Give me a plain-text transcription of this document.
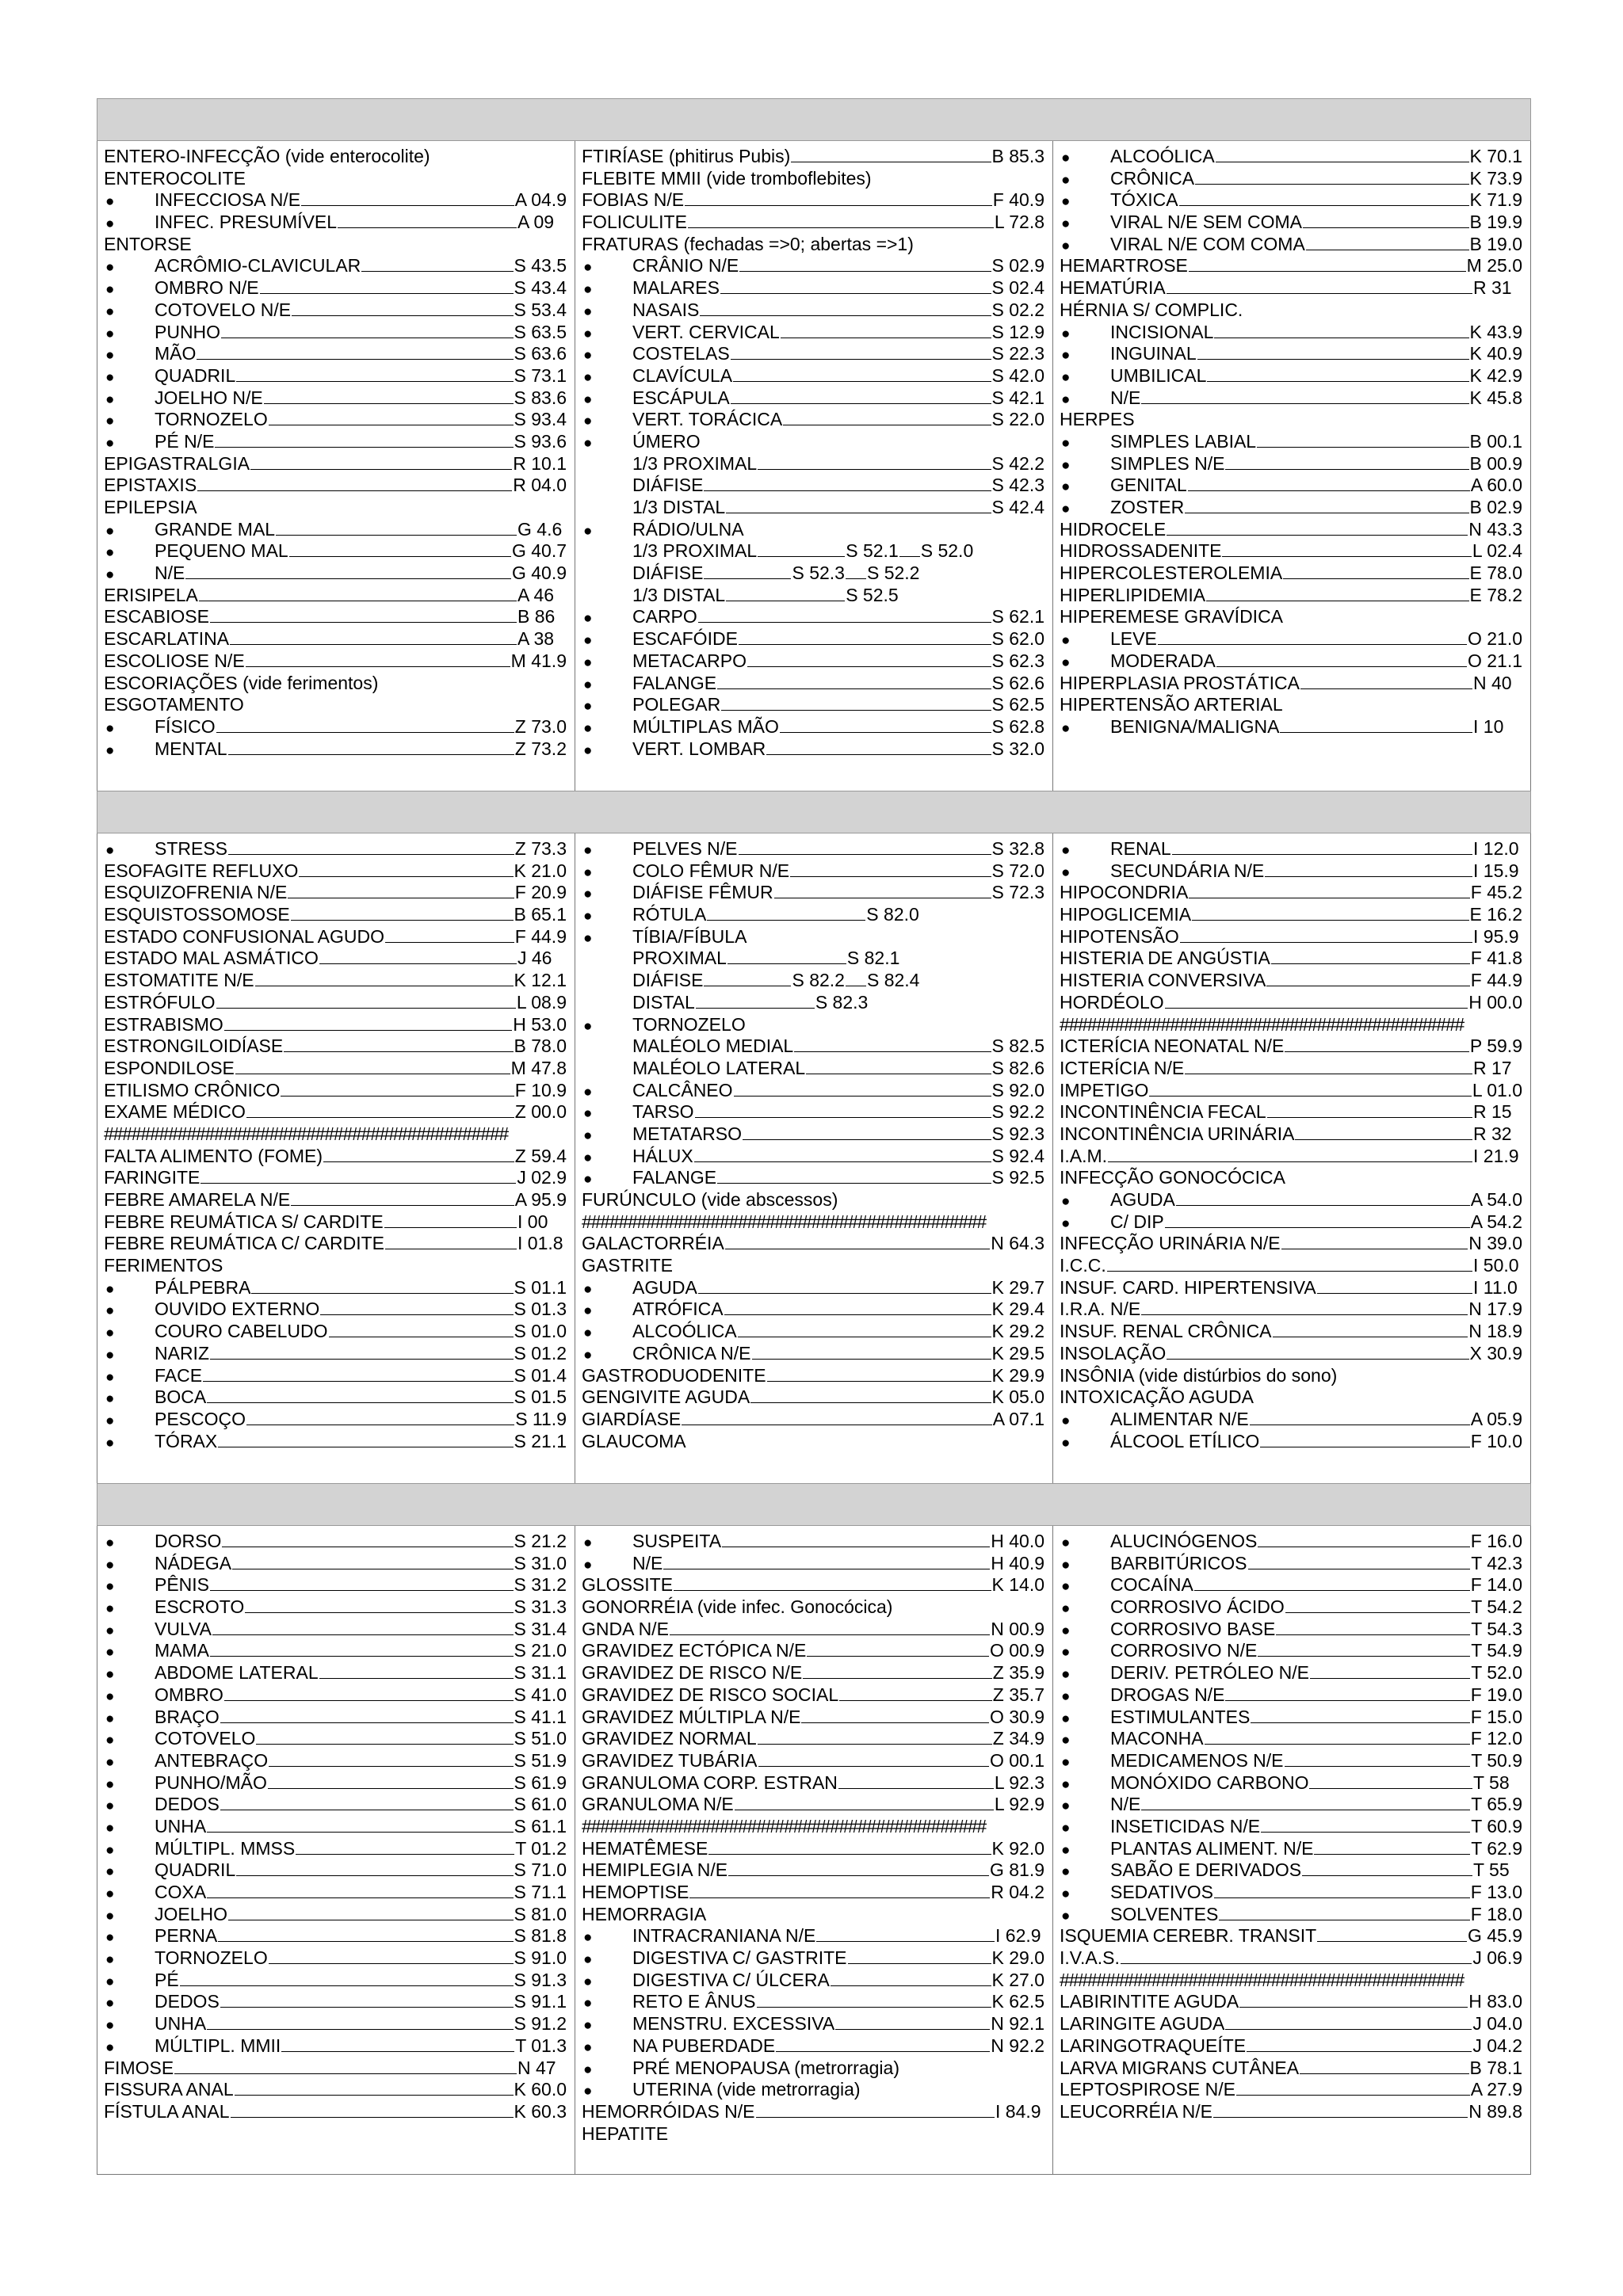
ENTERO-INFECÇÃO (vide enterocolite)
ENTEROCOLITE
●	INFECCIOSA N/E	A 04.9
●	INFEC. PRESUMÍVEL	A 09
ENTORSE
●	ACRÔMIO-CLAVICULAR	S 43.5
●	OMBRO N/E	S 43.4
●	COTOVELO N/E	S 53.4
●	PUNHO	S 63.5
●	MÃO	S 63.6
●	QUADRIL	S 73.1
●	JOELHO N/E	S 83.6
●	TORNOZELO	S 93.4
●	PÉ N/E	S 93.6
EPIGASTRALGIA	R 10.1
EPISTAXIS	R 04.0
EPILEPSIA
●	GRANDE MAL	G 4.6
●	PEQUENO MAL	G 40.7
●	N/E	G 40.9
ERISIPELA	A 46
ESCABIOSE	B 86
ESCARLATINA	A 38
ESCOLIOSE N/E	M 41.9
ESCORIAÇÕES (vide ferimentos)
ESGOTAMENTO
●	FÍSICO	Z 73.0
●	MENTAL	Z 73.2
FTIRÍASE (phitirus Pubis)	B 85.3
FLEBITE MMII (vide tromboflebites)
FOBIAS N/E	F 40.9
FOLICULITE	L 72.8
FRATURAS (fechadas =>0; abertas =>1)
●	CRÂNIO N/E	S 02.9
●	MALARES	S 02.4
●	NASAIS	S 02.2
●	VERT. CERVICAL	S 12.9
●	COSTELAS	S 22.3
●	CLAVÍCULA	S 42.0
●	ESCÁPULA	S 42.1
●	VERT. TORÁCICA	S 22.0
●	ÚMERO
1/3 PROXIMAL	S 42.2
DIÁFISE	S 42.3
1/3 DISTAL	S 42.4
●	RÁDIO/ULNA
1/3 PROXIMAL	S 52.1 S 52.0
DIÁFISE	S 52.3 S 52.2
1/3 DISTAL	S 52.5
●	CARPO	S 62.1
●	ESCAFÓIDE	S 62.0
●	METACARPO	S 62.3
●	FALANGE	S 62.6
●	POLEGAR	S 62.5
●	MÚLTIPLAS MÃO	S 62.8
●	VERT. LOMBAR	S 32.0
●	ALCOÓLICA	K 70.1
●	CRÔNICA	K 73.9
●	TÓXICA	K 71.9
●	VIRAL N/E SEM COMA	B 19.9
●	VIRAL N/E COM COMA	B 19.0
HEMARTROSE	M 25.0
HEMATÚRIA	R 31
HÉRNIA S/ COMPLIC.
●	INCISIONAL	K 43.9
●	INGUINAL	K 40.9
●	UMBILICAL	K 42.9
●	N/E	K 45.8
HERPES
●	SIMPLES LABIAL	B 00.1
●	SIMPLES N/E	B 00.9
●	GENITAL	A 60.0
●	ZOSTER	B 02.9
HIDROCELE	N 43.3
HIDROSSADENITE	L 02.4
HIPERCOLESTEROLEMIA	E 78.0
HIPERLIPIDEMIA	E 78.2
HIPEREMESE GRAVÍDICA
●	LEVE	O 21.0
●	MODERADA	O 21.1
HIPERPLASIA PROSTÁTICA	N 40
HIPERTENSÃO ARTERIAL
●	BENIGNA/MALIGNA	I 10
●	STRESS	Z 73.3
ESOFAGITE REFLUXO	K 21.0
ESQUIZOFRENIA N/E	F 20.9
ESQUISTOSSOMOSE	B 65.1
ESTADO CONFUSIONAL AGUDO	F 44.9
ESTADO MAL ASMÁTICO	J 46
ESTOMATITE N/E	K 12.1
ESTRÓFULO	L 08.9
ESTRABISMO	H 53.0
ESTRONGILOIDÍASE	B 78.0
ESPONDILOSE	M 47.8
ETILISMO CRÔNICO	F 10.9
EXAME MÉDICO	Z 00.0
############################################
FALTA ALIMENTO (FOME)	Z 59.4
FARINGITE	J 02.9
FEBRE AMARELA N/E	A 95.9
FEBRE REUMÁTICA S/ CARDITE	I 00
FEBRE REUMÁTICA C/ CARDITE	I 01.8
FERIMENTOS
●	PÁLPEBRA	S 01.1
●	OUVIDO EXTERNO	S 01.3
●	COURO CABELUDO	S 01.0
●	NARIZ	S 01.2
●	FACE	S 01.4
●	BOCA	S 01.5
●	PESCOÇO	S 11.9
●	TÓRAX	S 21.1
●	PELVES N/E	S 32.8
●	COLO FÊMUR N/E	S 72.0
●	DIÁFISE FÊMUR	S 72.3
●	RÓTULA	S 82.0
●	TÍBIA/FÍBULA
PROXIMAL	S 82.1
DIÁFISE	S 82.2 S 82.4
DISTAL	S 82.3
●	TORNOZELO
MALÉOLO MEDIAL	S 82.5
MALÉOLO LATERAL	S 82.6
●	CALCÂNEO	S 92.0
●	TARSO	S 92.2
●	METATARSO	S 92.3
●	HÁLUX	S 92.4
●	FALANGE	S 92.5
FURÚNCULO (vide abscessos)
############################################
GALACTORRÉIA	N 64.3
GASTRITE
●	AGUDA	K 29.7
●	ATRÓFICA	K 29.4
●	ALCOÓLICA	K 29.2
●	CRÔNICA N/E	K 29.5
GASTRODUODENITE	K 29.9
GENGIVITE AGUDA	K 05.0
GIARDÍASE	A 07.1
GLAUCOMA
●	RENAL	I 12.0
●	SECUNDÁRIA N/E	I 15.9
HIPOCONDRIA	F 45.2
HIPOGLICEMIA	E 16.2
HIPOTENSÃO	I 95.9
HISTERIA DE ANGÚSTIA	F 41.8
HISTERIA CONVERSIVA	F 44.9
HORDÉOLO	H 00.0
############################################
ICTERÍCIA NEONATAL N/E	P 59.9
ICTERÍCIA N/E	R 17
IMPETIGO	L 01.0
INCONTINÊNCIA FECAL	R 15
INCONTINÊNCIA URINÁRIA	R 32
I.A.M.	I 21.9
INFECÇÃO GONOCÓCICA
●	AGUDA	A 54.0
●	C/ DIP	A 54.2
INFECÇÃO URINÁRIA N/E	N 39.0
I.C.C.	I 50.0
INSUF. CARD. HIPERTENSIVA	I 11.0
I.R.A. N/E	N 17.9
INSUF. RENAL CRÔNICA	N 18.9
INSOLAÇÃO	X 30.9
INSÔNIA (vide distúrbios do sono)
INTOXICAÇÃO AGUDA
●	ALIMENTAR N/E	A 05.9
●	ÁLCOOL ETÍLICO	F 10.0
●	DORSO	S 21.2
●	NÁDEGA	S 31.0
●	PÊNIS	S 31.2
●	ESCROTO	S 31.3
●	VULVA	S 31.4
●	MAMA	S 21.0
●	ABDOME LATERAL	S 31.1
●	OMBRO	S 41.0
●	BRAÇO	S 41.1
●	COTOVELO	S 51.0
●	ANTEBRAÇO	S 51.9
●	PUNHO/MÃO	S 61.9
●	DEDOS	S 61.0
●	UNHA	S 61.1
●	MÚLTIPL. MMSS	T 01.2
●	QUADRIL	S 71.0
●	COXA	S 71.1
●	JOELHO	S 81.0
●	PERNA	S 81.8
●	TORNOZELO	S 91.0
●	PÉ	S 91.3
●	DEDOS	S 91.1
●	UNHA	S 91.2
●	MÚLTIPL. MMII	T 01.3
FIMOSE	N 47
FISSURA ANAL	K 60.0
FÍSTULA ANAL	K 60.3
●	SUSPEITA	H 40.0
●	N/E	H 40.9
GLOSSITE	K 14.0
GONORRÉIA (vide infec. Gonocócica)
GNDA N/E	N 00.9
GRAVIDEZ ECTÓPICA N/E	O 00.9
GRAVIDEZ DE RISCO N/E	Z 35.9
GRAVIDEZ DE RISCO SOCIAL	Z 35.7
GRAVIDEZ MÚLTIPLA N/E	O 30.9
GRAVIDEZ NORMAL	Z 34.9
GRAVIDEZ TUBÁRIA	O 00.1
GRANULOMA CORP. ESTRAN	L 92.3
GRANULOMA N/E	L 92.9
############################################
HEMATÊMESE	K 92.0
HEMIPLEGIA N/E	G 81.9
HEMOPTISE	R 04.2
HEMORRAGIA
●	INTRACRANIANA N/E	I 62.9
●	DIGESTIVA C/ GASTRITE	K 29.0
●	DIGESTIVA C/ ÚLCERA	K 27.0
●	RETO E ÂNUS	K 62.5
●	MENSTRU. EXCESSIVA	N 92.1
●	NA PUBERDADE	N 92.2
●	PRÉ MENOPAUSA (metrorragia)
●	UTERINA (vide metrorragia)
HEMORRÓIDAS N/E	I 84.9
HEPATITE
●	ALUCINÓGENOS	F 16.0
●	BARBITÚRICOS	T 42.3
●	COCAÍNA	F 14.0
●	CORROSIVO ÁCIDO	T 54.2
●	CORROSIVO BASE	T 54.3
●	CORROSIVO N/E	T 54.9
●	DERIV. PETRÓLEO N/E	T 52.0
●	DROGAS N/E	F 19.0
●	ESTIMULANTES	F 15.0
●	MACONHA	F 12.0
●	MEDICAMENOS N/E	T 50.9
●	MONÓXIDO CARBONO	T 58
●	N/E	T 65.9
●	INSETICIDAS N/E	T 60.9
●	PLANTAS ALIMENT. N/E	T 62.9
●	SABÃO E DERIVADOS	T 55
●	SEDATIVOS	F 13.0
●	SOLVENTES	F 18.0
ISQUEMIA CEREBR. TRANSIT	G 45.9
I.V.A.S.	J 06.9
############################################
LABIRINTITE AGUDA	H 83.0
LARINGITE AGUDA	J 04.0
LARINGOTRAQUEÍTE	J 04.2
LARVA MIGRANS CUTÂNEA	B 78.1
LEPTOSPIROSE N/E	A 27.9
LEUCORRÉIA N/E	N 89.8
